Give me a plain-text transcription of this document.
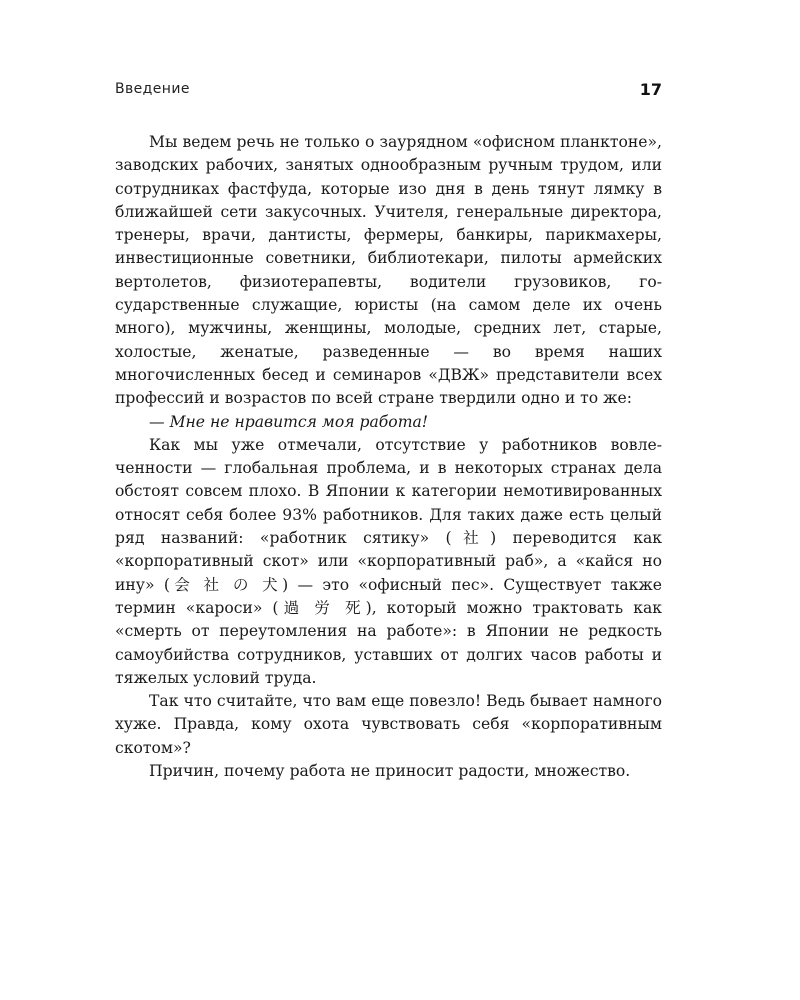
Введение	17

Мы ведем речь не только о заурядном «офисном планктоне», заводских рабочих, занятых однообразным ручным трудом, или сотрудниках фастфуда, которые изо дня в день тянут лямку в ближайшей сети закусочных. Учителя, генеральные директора, тренеры, врачи, дантисты, фермеры, банкиры, парикмахеры, инвестиционные советники, библиотекари, пилоты армейских вертолетов, физиотерапевты, водители грузовиков, государственные служащие, юристы (на самом деле их очень много), мужчины, женщины, молодые, средних лет, старые, холостые, женатые, разведенные — во время наших многочисленных бесед и семинаров «ДВЖ» представители всех профессий и возрастов по всей стране твердили одно и то же:

— Мне не нравится моя работа!

Как мы уже отмечали, отсутствие у работников вовлеченности — глобальная проблема, и в некоторых странах дела обстоят совсем плохо. В Японии к категории немотивированных относят себя более 93% работников. Для таких даже есть целый ряд названий: «работник сятику» (社) переводится как «корпоративный скот» или «корпоративный раб», а «кайся но ину» (会 社 の 犬) — это «офисный пес». Существует также термин «кароси» (過 労 死), который можно трактовать как «смерть от переутомления на работе»: в Японии не редкость самоубийства сотрудников, уставших от долгих часов работы и тяжелых условий труда.

Так что считайте, что вам еще повезло! Ведь бывает намного хуже. Правда, кому охота чувствовать себя «корпоративным скотом»?

Причин, почему работа не приносит радости, множество.
